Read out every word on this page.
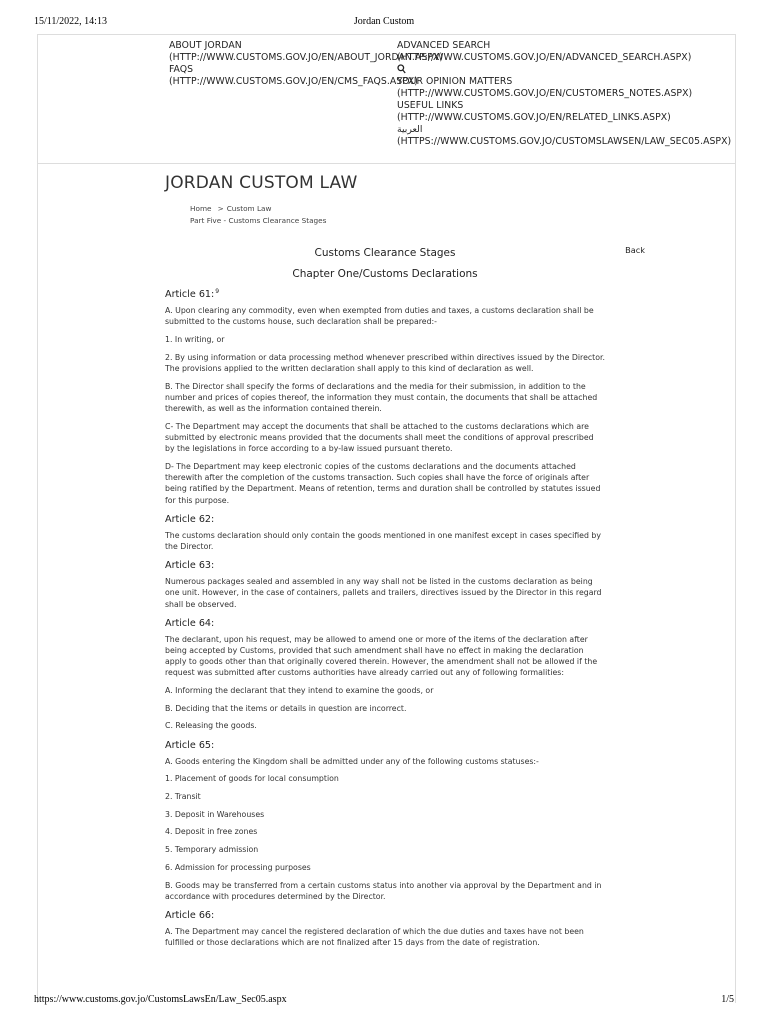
15/11/2022, 14:13	Jordan Custom
ABOUT JORDAN
(HTTP://WWW.CUSTOMS.GOV.JO/EN/ABOUT_JORDAN.ASPX)
FAQS
(HTTP://WWW.CUSTOMS.GOV.JO/EN/CMS_FAQS.ASPX)
ADVANCED SEARCH
(HTTP://WWW.CUSTOMS.GOV.JO/EN/ADVANCED_SEARCH.ASPX)
YOUR OPINION MATTERS
(HTTP://WWW.CUSTOMS.GOV.JO/EN/CUSTOMERS_NOTES.ASPX)
USEFUL LINKS
(HTTP://WWW.CUSTOMS.GOV.JO/EN/RELATED_LINKS.ASPX)
العربية
(HTTPS://WWW.CUSTOMS.GOV.JO/CUSTOMSLAWSEN/LAW_SEC05.ASPX)
JORDAN CUSTOM LAW
Home > Custom Law
Part Five - Customs Clearance Stages
Customs Clearance Stages	Back
Chapter One/Customs Declarations
Article 61:$^9$

A. Upon clearing any commodity, even when exempted from duties and taxes, a customs declaration shall be submitted to the customs house, such declaration shall be prepared:-

1. In writing, or

2. By using information or data processing method whenever prescribed within directives issued by the Director. The provisions applied to the written declaration shall apply to this kind of declaration as well.

B. The Director shall specify the forms of declarations and the media for their submission, in addition to the number and prices of copies thereof, the information they must contain, the documents that shall be attached therewith, as well as the information contained therein.

C- The Department may accept the documents that shall be attached to the customs declarations which are submitted by electronic means provided that the documents shall meet the conditions of approval prescribed by the legislations in force according to a by-law issued pursuant thereto.

D- The Department may keep electronic copies of the customs declarations and the documents attached therewith after the completion of the customs transaction. Such copies shall have the force of originals after being ratified by the Department. Means of retention, terms and duration shall be controlled by statutes issued for this purpose.

Article 62:

The customs declaration should only contain the goods mentioned in one manifest except in cases specified by the Director.

Article 63:

Numerous packages sealed and assembled in any way shall not be listed in the customs declaration as being one unit. However, in the case of containers, pallets and trailers, directives issued by the Director in this regard shall be observed.

Article 64:

The declarant, upon his request, may be allowed to amend one or more of the items of the declaration after being accepted by Customs, provided that such amendment shall have no effect in making the declaration apply to goods other than that originally covered therein. However, the amendment shall not be allowed if the request was submitted after customs authorities have already carried out any of following formalities:

A. Informing the declarant that they intend to examine the goods, or

B. Deciding that the items or details in question are incorrect.

C. Releasing the goods.

Article 65:

A. Goods entering the Kingdom shall be admitted under any of the following customs statuses:-

1. Placement of goods for local consumption

2. Transit

3. Deposit in Warehouses

4. Deposit in free zones

5. Temporary admission

6. Admission for processing purposes

B. Goods may be transferred from a certain customs status into another via approval by the Department and in accordance with procedures determined by the Director.

Article 66:

A. The Department may cancel the registered declaration of which the due duties and taxes have not been fulfilled or those declarations which are not finalized after 15 days from the date of registration.

https://www.customs.gov.jo/CustomsLawsEn/Law_Sec05.aspx	1/5
